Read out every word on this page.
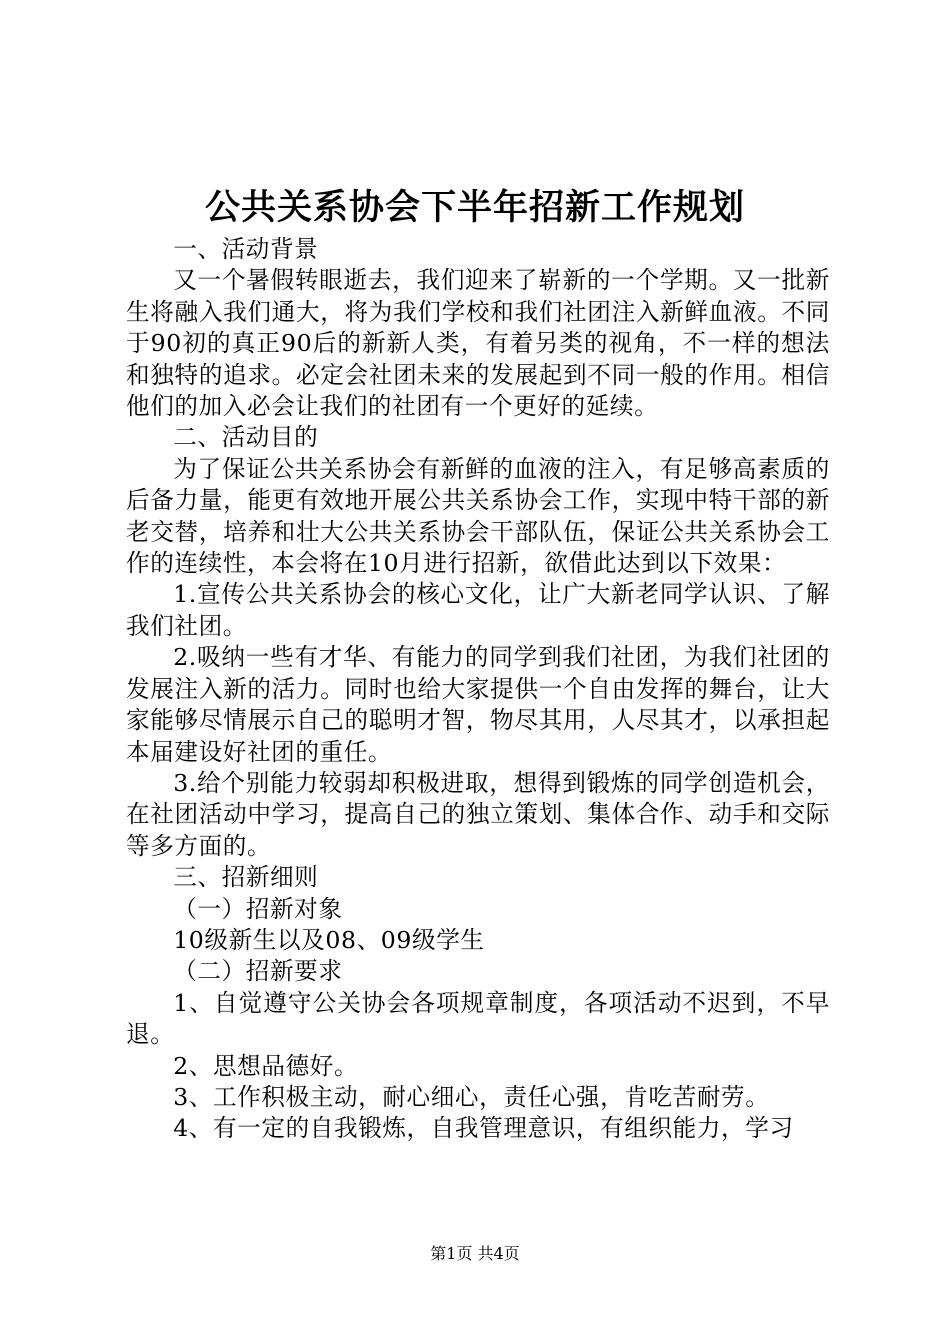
公共关系协会下半年招新工作规划

一、活动背景

又一个暑假转眼逝去，我们迎来了崭新的一个学期。又一批新生将融入我们通大，将为我们学校和我们社团注入新鲜血液。不同于90初的真正90后的新新人类，有着另类的视角，不一样的想法和独特的追求。必定会社团未来的发展起到不同一般的作用。相信他们的加入必会让我们的社团有一个更好的延续。

二、活动目的

为了保证公共关系协会有新鲜的血液的注入，有足够高素质的后备力量，能更有效地开展公共关系协会工作，实现中特干部的新老交替，培养和壮大公共关系协会干部队伍，保证公共关系协会工作的连续性，本会将在10月进行招新，欲借此达到以下效果：

1.宣传公共关系协会的核心文化，让广大新老同学认识、了解我们社团。

2.吸纳一些有才华、有能力的同学到我们社团，为我们社团的发展注入新的活力。同时也给大家提供一个自由发挥的舞台，让大家能够尽情展示自己的聪明才智，物尽其用，人尽其才，以承担起本届建设好社团的重任。

3.给个别能力较弱却积极进取，想得到锻炼的同学创造机会，在社团活动中学习，提高自己的独立策划、集体合作、动手和交际等多方面的。

三、招新细则

（一）招新对象

10级新生以及08、09级学生

（二）招新要求

1、自觉遵守公关协会各项规章制度，各项活动不迟到，不早退。

2、思想品德好。

3、工作积极主动，耐心细心，责任心强，肯吃苦耐劳。

4、有一定的自我锻炼，自我管理意识，有组织能力，学习

第1页 共4页
